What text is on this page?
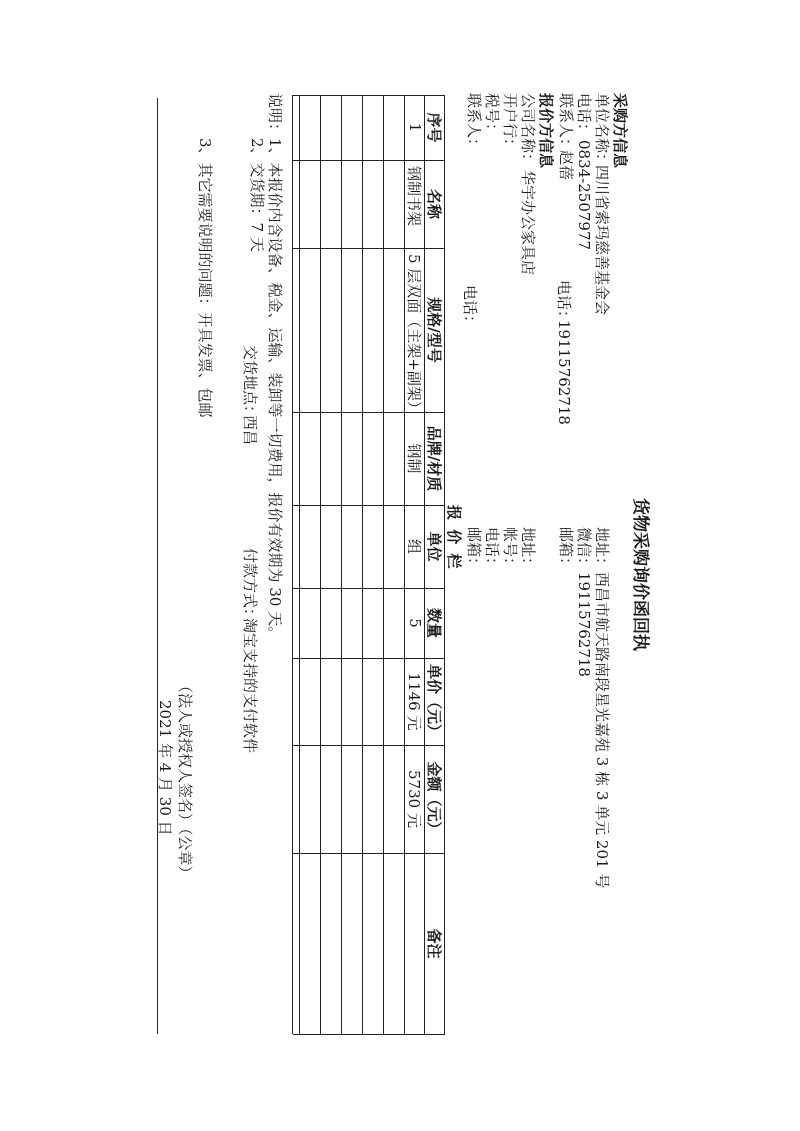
货物采购询价函回执
采购方信息
单位名称：
四川省索玛慈善基金会
地址：
西昌市航天路南段星光嘉苑 3 栋 3 单元 201 号
电话：
0834-2507977
微信：
19115762718
联系人：
赵蓓
电话：
19115762718
邮箱：
报价方信息
公司名称：
华宇办公家具店
地址：
开户行：
帐号：
税号：
电话：
联系人：
电话：
邮箱：
报 价 栏
序号
名称
规格/型号
品牌/材质
单位
数量
单价（元）
金额（元）
备注
1
钢制书架
5 层双面（主架+副架）
钢制
组
5
1146 元
5730 元
说明：
1、本报价内含设备、税金、运输、装卸等一切费用，报价有效期为 30 天。
2、交货期：7 天
交货地点：
西昌
付款方式：
淘宝支持的支付软件
3、其它需要说明的问题：开具发票、包邮
（法人或授权人签名）（公章）
2021 年 4 月 30 日
